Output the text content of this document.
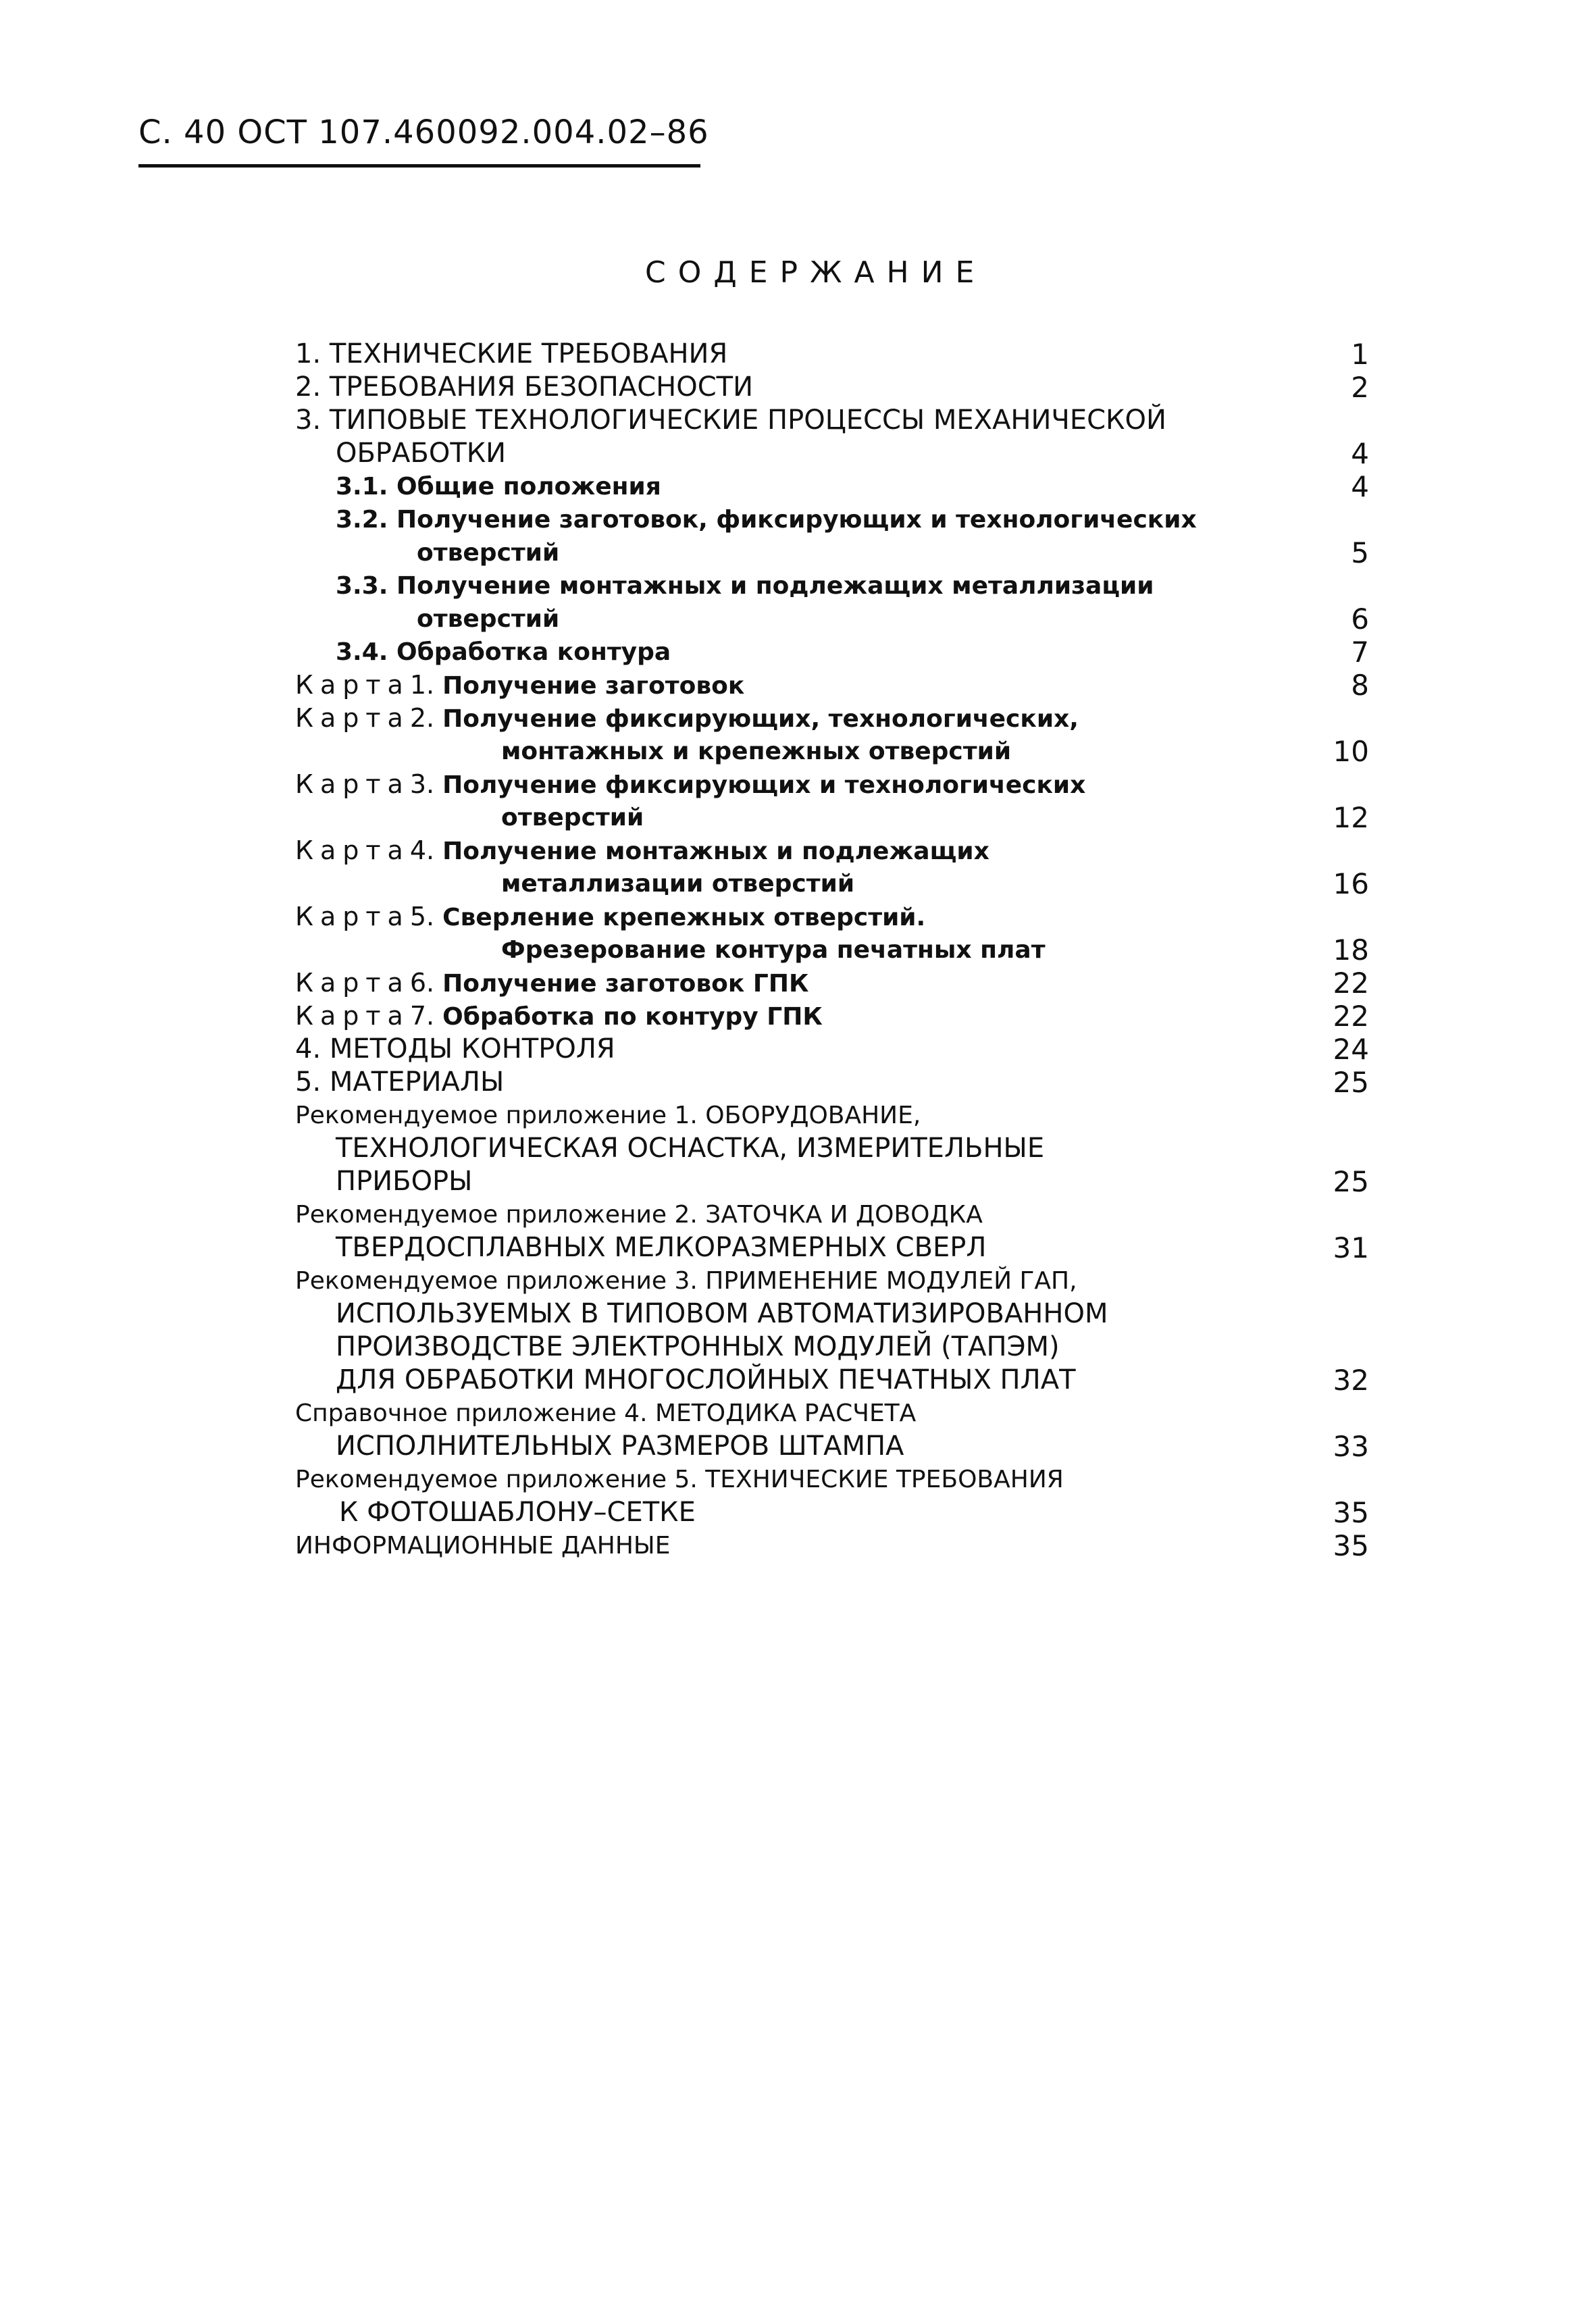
С. 40 ОСТ 107.460092.004.02–86
СОДЕРЖАНИЕ
1. ТЕХНИЧЕСКИЕ ТРЕБОВАНИЯ	1
2. ТРЕБОВАНИЯ БЕЗОПАСНОСТИ	2
3. ТИПОВЫЕ ТЕХНОЛОГИЧЕСКИЕ ПРОЦЕССЫ МЕХАНИЧЕСКОЙ
ОБРАБОТКИ	4
3.1. Общие положения	4
3.2. Получение заготовок, фиксирующих и технологических
отверстий	5
3.3. Получение монтажных и подлежащих металлизации
отверстий	6
3.4. Обработка контура	7
Карта1. Получение заготовок	8
Карта2. Получение фиксирующих, технологических,
монтажных и крепежных отверстий	10
Карта3. Получение фиксирующих и технологических
отверстий	12
Карта4. Получение монтажных и подлежащих
металлизации отверстий	16
Карта5. Сверление крепежных отверстий.
Фрезерование контура печатных плат	18
Карта6. Получение заготовок ГПК	22
Карта7. Обработка по контуру ГПК	22
4. МЕТОДЫ КОНТРОЛЯ	24
5. МАТЕРИАЛЫ	25
Рекомендуемое приложение 1. ОБОРУДОВАНИЕ,
ТЕХНОЛОГИЧЕСКАЯ ОСНАСТКА, ИЗМЕРИТЕЛЬНЫЕ
ПРИБОРЫ	25
Рекомендуемое приложение 2. ЗАТОЧКА И ДОВОДКА
ТВЕРДОСПЛАВНЫХ МЕЛКОРАЗМЕРНЫХ СВЕРЛ	31
Рекомендуемое приложение 3. ПРИМЕНЕНИЕ МОДУЛЕЙ ГАП,
ИСПОЛЬЗУЕМЫХ В ТИПОВОМ АВТОМАТИЗИРОВАННОМ
ПРОИЗВОДСТВЕ ЭЛЕКТРОННЫХ МОДУЛЕЙ (ТАПЭМ)
ДЛЯ ОБРАБОТКИ МНОГОСЛОЙНЫХ ПЕЧАТНЫХ ПЛАТ	32
Справочное приложение 4. МЕТОДИКА РАСЧЕТА
ИСПОЛНИТЕЛЬНЫХ РАЗМЕРОВ ШТАМПА	33
Рекомендуемое приложение 5. ТЕХНИЧЕСКИЕ ТРЕБОВАНИЯ
К ФОТОШАБЛОНУ–СЕТКЕ	35
ИНФОРМАЦИОННЫЕ ДАННЫЕ	35
